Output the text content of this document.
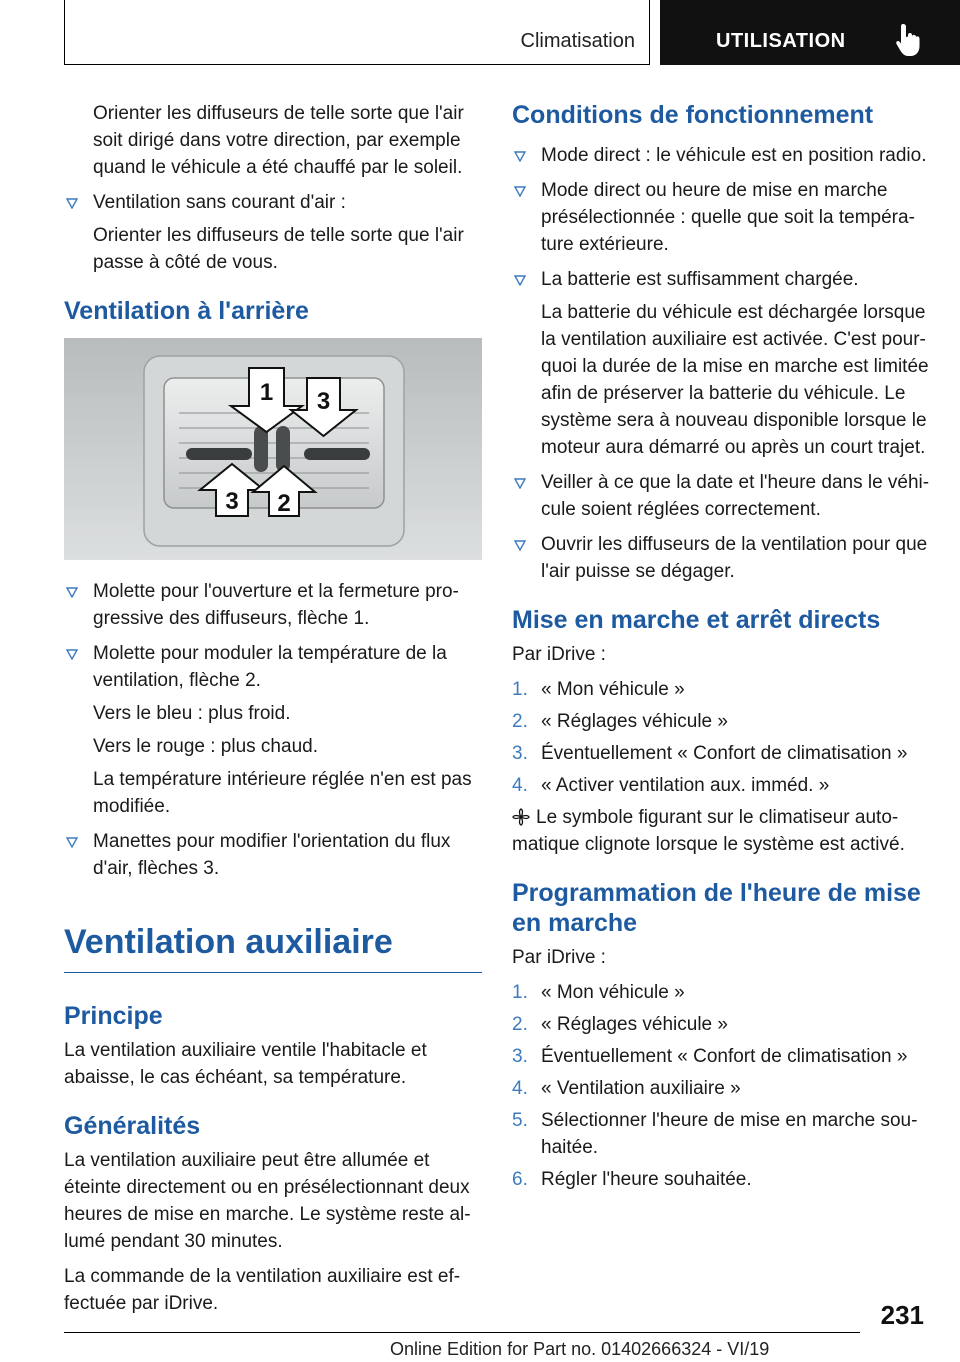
Climatisation	UTILISATION

Orienter les diffuseurs de telle sorte que l'air soit dirigé dans votre direction, par exemple quand le véhicule a été chauffé par le soleil.

Ventilation sans courant d'air :

Orienter les diffuseurs de telle sorte que l'air passe à côté de vous.

Ventilation à l'arrière
1
2
3
3

Molette pour l'ouverture et la fermeture progressive des diffuseurs, flèche 1.

Molette pour moduler la température de la ventilation, flèche 2.

Vers le bleu : plus froid.

Vers le rouge : plus chaud.

La température intérieure réglée n'en est pas modifiée.

Manettes pour modifier l'orientation du flux d'air, flèches 3.

Ventilation auxiliaire
Principe

La ventilation auxiliaire ventile l'habitacle et abaisse, le cas échéant, sa température.

Généralités

La ventilation auxiliaire peut être allumée et éteinte directement ou en présélectionnant deux heures de mise en marche. Le système reste allumé pendant 30 minutes.

La commande de la ventilation auxiliaire est effectuée par iDrive.

Conditions de fonctionnement

Mode direct : le véhicule est en position radio.

Mode direct ou heure de mise en marche présélectionnée : quelle que soit la température extérieure.

La batterie est suffisamment chargée.

La batterie du véhicule est déchargée lorsque la ventilation auxiliaire est activée. C'est pourquoi la durée de la mise en marche est limitée afin de préserver la batterie du véhicule. Le système sera à nouveau disponible lorsque le moteur aura démarré ou après un court trajet.

Veiller à ce que la date et l'heure dans le véhicule soient réglées correctement.

Ouvrir les diffuseurs de la ventilation pour que l'air puisse se dégager.

Mise en marche et arrêt directs

Par iDrive :

1. « Mon véhicule »
2. « Réglages véhicule »
3. Éventuellement « Confort de climatisation »
4. « Activer ventilation aux. imméd. »

Le symbole figurant sur le climatiseur automatique clignote lorsque le système est activé.

Programmation de l'heure de mise en marche

Par iDrive :

1. « Mon véhicule »
2. « Réglages véhicule »
3. Éventuellement « Confort de climatisation »
4. « Ventilation auxiliaire »
5. Sélectionner l'heure de mise en marche souhaitée.
6. Régler l'heure souhaitée.
231
Online Edition for Part no. 01402666324 - VI/19
